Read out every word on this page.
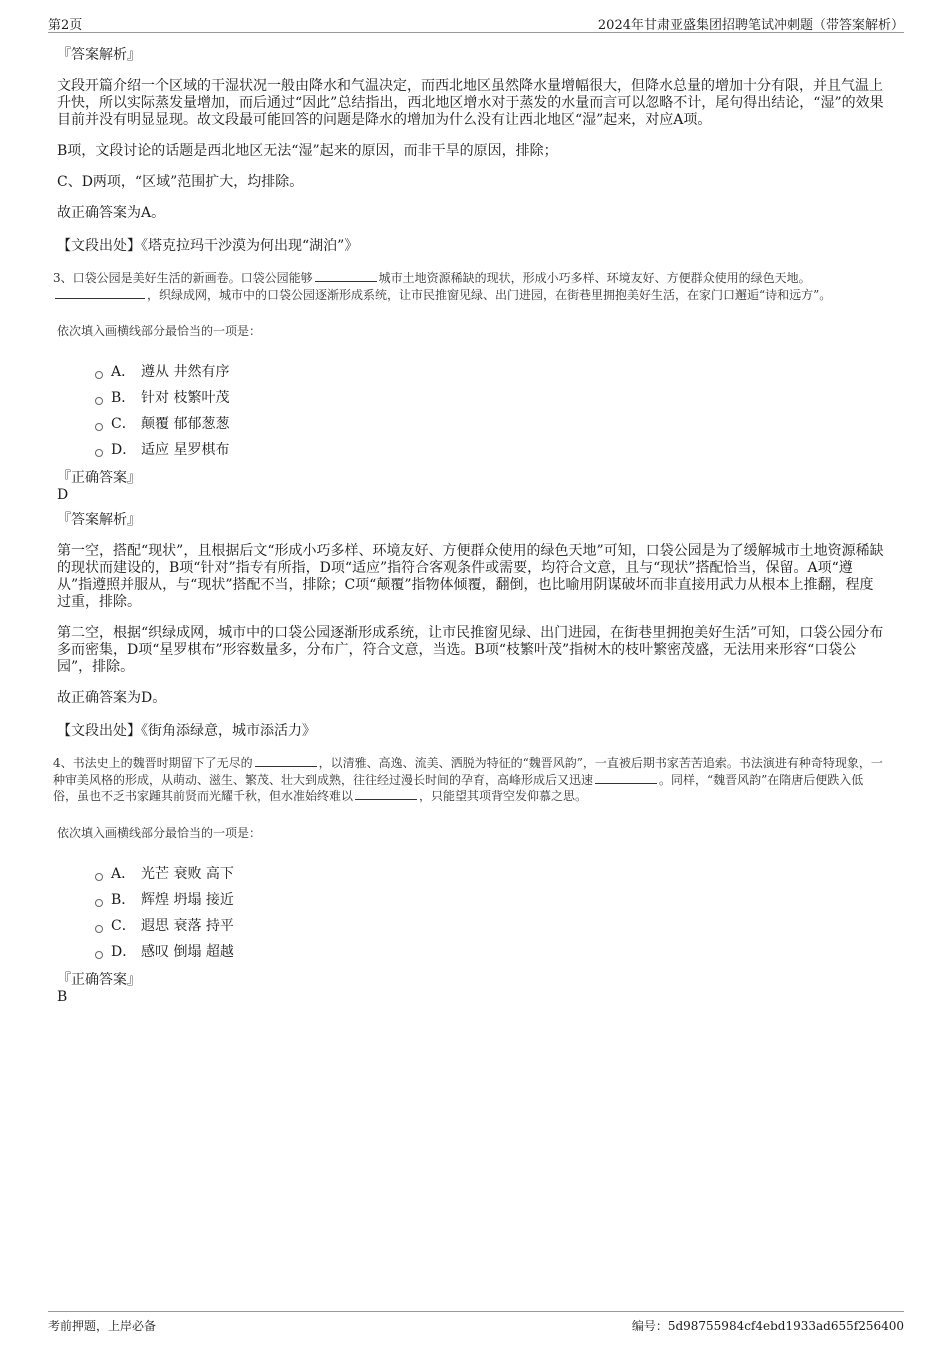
第2页	2024年甘肃亚盛集团招聘笔试冲刺题（带答案解析）
『答案解析』

文段开篇介绍一个区域的干湿状况一般由降水和气温决定，而西北地区虽然降水量增幅很大，但降水总量的增加十分有限，并且气温上升快，所以实际蒸发量增加，而后通过“因此”总结指出，西北地区增水对于蒸发的水量而言可以忽略不计，尾句得出结论，“湿”的效果目前并没有明显显现。故文段最可能回答的问题是降水的增加为什么没有让西北地区“湿”起来，对应A项。

B项，文段讨论的话题是西北地区无法“湿”起来的原因，而非干旱的原因，排除；

C、D两项，“区域”范围扩大，均排除。

故正确答案为A。

【文段出处】《塔克拉玛干沙漠为何出现“湖泊”》

3、口袋公园是美好生活的新画卷。口袋公园能够	城市土地资源稀缺的现状，形成小巧多样、环境友好、方便群众使用的绿色天地。
，织绿成网，城市中的口袋公园逐渐形成系统，让市民推窗见绿、出门进园，在街巷里拥抱美好生活，在家门口邂逅“诗和远方”。
依次填入画横线部分最恰当的一项是：
A． 遵从 井然有序
B． 针对 枝繁叶茂
C． 颠覆 郁郁葱葱
D． 适应 星罗棋布
『正确答案』
D
『答案解析』

第一空，搭配“现状”，且根据后文“形成小巧多样、环境友好、方便群众使用的绿色天地”可知，口袋公园是为了缓解城市土地资源稀缺的现状而建设的，B项“针对”指专有所指，D项“适应”指符合客观条件或需要，均符合文意，且与“现状”搭配恰当，保留。A项“遵从”指遵照并服从，与“现状”搭配不当，排除；C项“颠覆”指物体倾覆，翻倒，也比喻用阴谋破坏而非直接用武力从根本上推翻，程度过重，排除。

第二空，根据“织绿成网，城市中的口袋公园逐渐形成系统，让市民推窗见绿、出门进园，在街巷里拥抱美好生活”可知，口袋公园分布多而密集，D项“星罗棋布”形容数量多，分布广，符合文意，当选。B项“枝繁叶茂”指树木的枝叶繁密茂盛，无法用来形容“口袋公园”，排除。

故正确答案为D。

【文段出处】《街角添绿意，城市添活力》

4、书法史上的魏晋时期留下了无尽的	，以清雅、高逸、流美、洒脱为特征的“魏晋风韵”，一直被后期书家苦苦追索。书法演进有种奇特现象，一种审美风格的形成，从萌动、滋生、繁茂、壮大到成熟，往往经过漫长时间的孕育，高峰形成后又迅速	。同样，“魏晋风韵”在隋唐后便跌入低俗，虽也不乏书家踵其前贤而光耀千秋，但水准始终难以	，只能望其项背空发仰慕之思。
依次填入画横线部分最恰当的一项是：
A． 光芒 衰败 高下
B． 辉煌 坍塌 接近
C． 遐思 衰落 持平
D． 感叹 倒塌 超越
『正确答案』
B
考前押题，上岸必备	编号：5d98755984cf4ebd1933ad655f256400
